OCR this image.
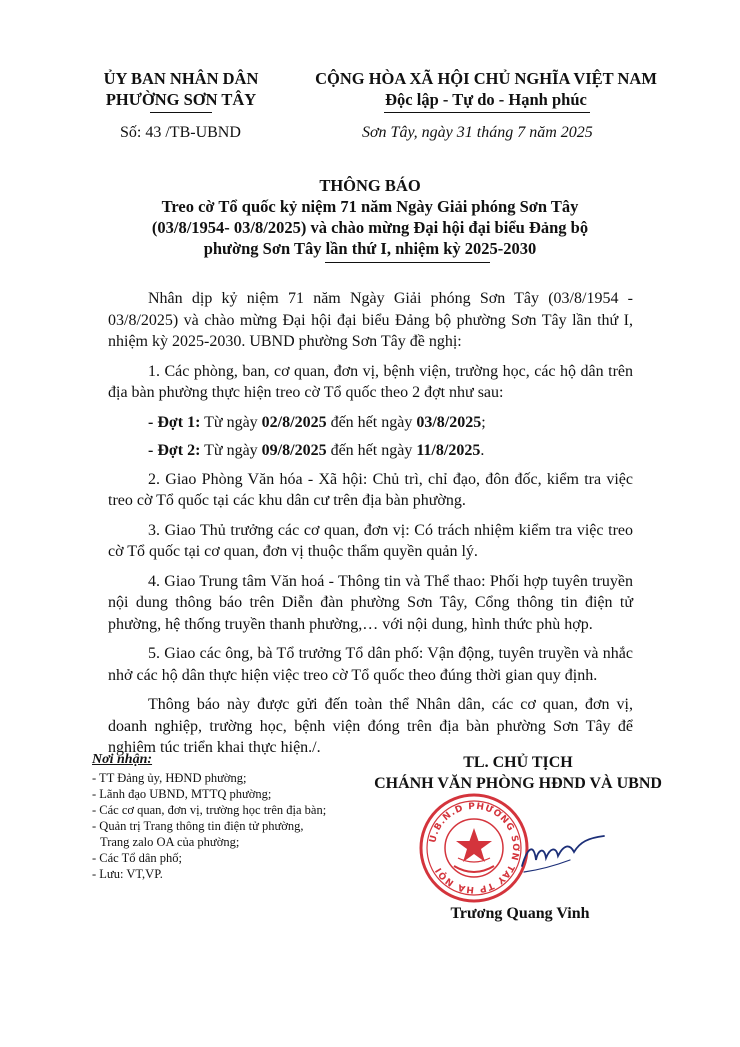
ỦY BAN NHÂN DÂN
PHƯỜNG SƠN TÂY
CỘNG HÒA XÃ HỘI CHỦ NGHĨA VIỆT NAM
Độc lập - Tự do - Hạnh phúc
Số: 43 /TB-UBND	Sơn Tây, ngày 31 tháng 7 năm 2025
THÔNG BÁO
Treo cờ Tổ quốc kỷ niệm 71 năm Ngày Giải phóng Sơn Tây
(03/8/1954- 03/8/2025) và chào mừng Đại hội đại biểu Đảng bộ
phường Sơn Tây lần thứ I, nhiệm kỳ 2025-2030

Nhân dịp kỷ niệm 71 năm Ngày Giải phóng Sơn Tây (03/8/1954 - 03/8/2025) và chào mừng Đại hội đại biểu Đảng bộ phường Sơn Tây lần thứ I, nhiệm kỳ 2025-2030. UBND phường Sơn Tây đề nghị:

1. Các phòng, ban, cơ quan, đơn vị, bệnh viện, trường học, các hộ dân trên địa bàn phường thực hiện treo cờ Tổ quốc theo 2 đợt như sau:

- Đợt 1: Từ ngày 02/8/2025 đến hết ngày 03/8/2025;

- Đợt 2: Từ ngày 09/8/2025 đến hết ngày 11/8/2025.

2. Giao Phòng Văn hóa - Xã hội: Chủ trì, chỉ đạo, đôn đốc, kiểm tra việc treo cờ Tổ quốc tại các khu dân cư trên địa bàn phường.

3. Giao Thủ trưởng các cơ quan, đơn vị: Có trách nhiệm kiểm tra việc treo cờ Tổ quốc tại cơ quan, đơn vị thuộc thẩm quyền quản lý.

4. Giao Trung tâm Văn hoá - Thông tin và Thể thao: Phối hợp tuyên truyền nội dung thông báo trên Diễn đàn phường Sơn Tây, Cổng thông tin điện tử phường, hệ thống truyền thanh phường,… với nội dung, hình thức phù hợp.

5. Giao các ông, bà Tổ trưởng Tổ dân phố: Vận động, tuyên truyền và nhắc nhở các hộ dân thực hiện việc treo cờ Tổ quốc theo đúng thời gian quy định.

Thông báo này được gửi đến toàn thể Nhân dân, các cơ quan, đơn vị, doanh nghiệp, trường học, bệnh viện đóng trên địa bàn phường Sơn Tây để nghiêm túc triển khai thực hiện./.

Nơi nhận:
- TT Đảng ủy, HĐND phường;
- Lãnh đạo UBND, MTTQ phường;
- Các cơ quan, đơn vị, trường học trên địa bàn;
- Quản trị Trang thông tin điện tử phường,
Trang zalo OA của phường;
- Các Tổ dân phố;
- Lưu: VT,VP.
TL. CHỦ TỊCH
CHÁNH VĂN PHÒNG HĐND VÀ UBND
U.B.N.D PHƯỜNG SƠN TÂY TP HÀ NỘI
Trương Quang Vinh
